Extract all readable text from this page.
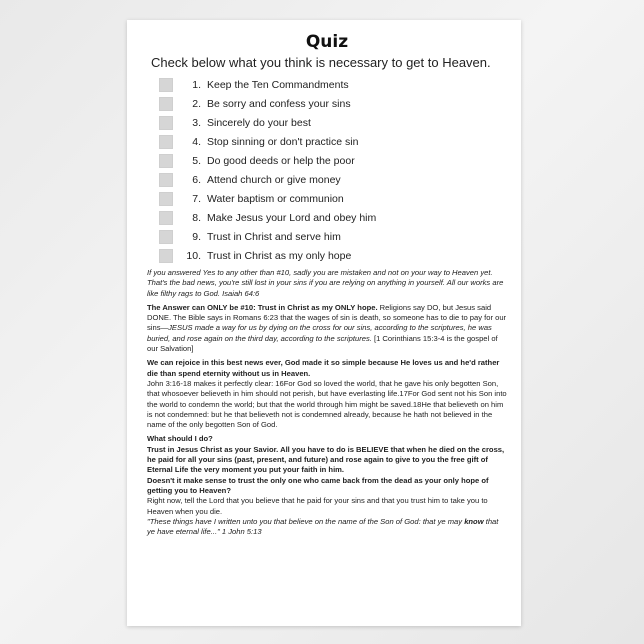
Quiz
Check below what you think is necessary to get to Heaven.
1. Keep the Ten Commandments
2. Be sorry and confess your sins
3. Sincerely do your best
4. Stop sinning or don't practice sin
5. Do good deeds or help the poor
6. Attend church or give money
7. Water baptism or communion
8. Make Jesus your Lord and obey him
9. Trust in Christ and serve him
10. Trust in Christ as my only hope

If you answered Yes to any other than #10, sadly you are mistaken and not on your way to Heaven yet. That's the bad news, you're still lost in your sins if you are relying on anything in yourself. All our works are like filthy rags to God. Isaiah 64:6

The Answer can ONLY be #10: Trust in Christ as my ONLY hope. Religions say DO, but Jesus said DONE. The Bible says in Romans 6:23 that the wages of sin is death, so someone has to die to pay for our sins—JESUS made a way for us by dying on the cross for our sins, according to the scriptures, he was buried, and rose again on the third day, according to the scriptures. [1 Corinthians 15:3-4 is the gospel of our Salvation]

We can rejoice in this best news ever, God made it so simple because He loves us and he'd rather die than spend eternity without us in Heaven.
John 3:16-18 makes it perfectly clear: 16For God so loved the world, that he gave his only begotten Son, that whosoever believeth in him should not perish, but have everlasting life.17For God sent not his Son into the world to condemn the world; but that the world through him might be saved.18He that believeth on him is not condemned: but he that believeth not is condemned already, because he hath not believed in the name of the only begotten Son of God.

What should I do?
Trust in Jesus Christ as your Savior. All you have to do is BELIEVE that when he died on the cross, he paid for all your sins (past, present, and future) and rose again to give to you the free gift of Eternal Life the very moment you put your faith in him.
Doesn't it make sense to trust the only one who came back from the dead as your only hope of getting you to Heaven?
Right now, tell the Lord that you believe that he paid for your sins and that you trust him to take you to Heaven when you die.
"These things have I written unto you that believe on the name of the Son of God: that ye may know that ye have eternal life..." 1 John 5:13
